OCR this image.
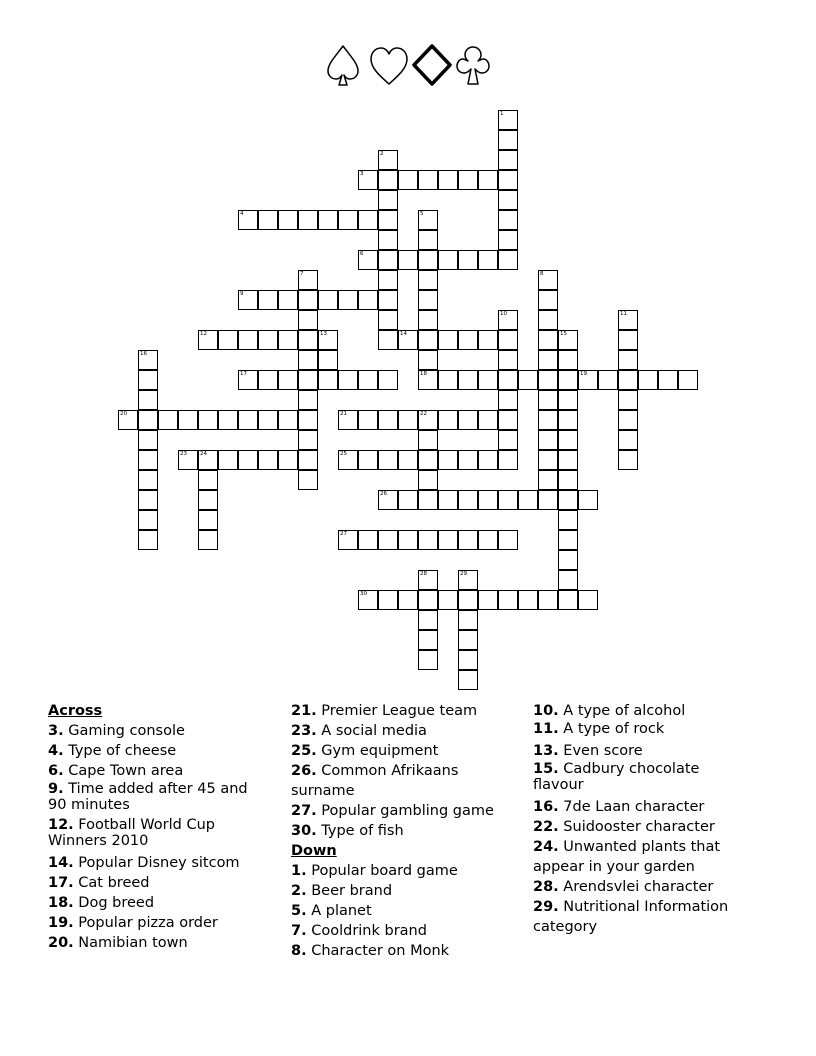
1
2
3
4	5
6
7	8
9
10	11
12	13	14	15
16
17	18	19
20	21	22
23 24	25
26
27
28	29
30
Across
3. Gaming console
4. Type of cheese
6. Cape Town area
9. Time added after 45 and 90 minutes
12. Football World Cup Winners 2010
14. Popular Disney sitcom
17. Cat breed
18. Dog breed
19. Popular pizza order
20. Namibian town
21. Premier League team
23. A social media
25. Gym equipment
26. Common Afrikaans surname
27. Popular gambling game
30. Type of fish
Down
1. Popular board game
2. Beer brand
5. A planet
7. Cooldrink brand
8. Character on Monk
10. A type of alcohol
11. A type of rock
13. Even score
15. Cadbury chocolate flavour
16. 7de Laan character
22. Suidooster character
24. Unwanted plants that appear in your garden
28. Arendsvlei character
29. Nutritional Information category
